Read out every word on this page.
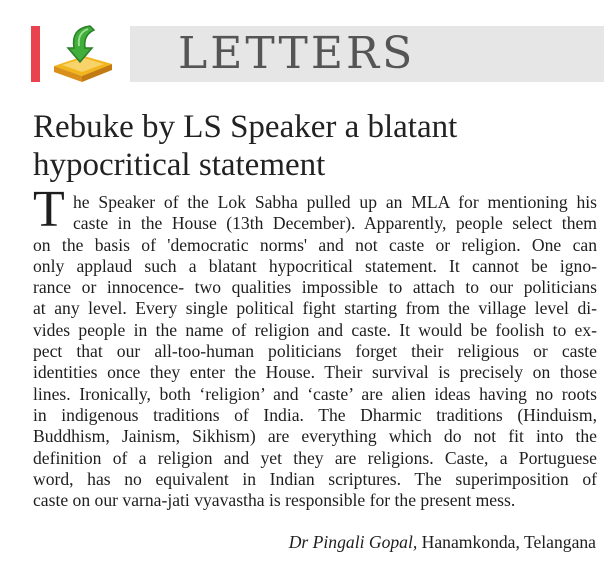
LETTERS
Rebuke by LS Speaker a blatant
hypocritical statement
T he Speaker of the Lok Sabha pulled up an MLA for mentioning his
caste in the House (13th December). Apparently, people select them
on the basis of 'democratic norms' and not caste or religion. One can
only applaud such a blatant hypocritical statement. It cannot be igno-
rance or innocence- two qualities impossible to attach to our politicians
at any level. Every single political fight starting from the village level di-
vides people in the name of religion and caste. It would be foolish to ex-
pect that our all-too-human politicians forget their religious or caste
identities once they enter the House. Their survival is precisely on those
lines. Ironically, both ‘religion’ and ‘caste’ are alien ideas having no roots
in indigenous traditions of India. The Dharmic traditions (Hinduism,
Buddhism, Jainism, Sikhism) are everything which do not fit into the
definition of a religion and yet they are religions. Caste, a Portuguese
word, has no equivalent in Indian scriptures. The superimposition of
caste on our varna-jati vyavastha is responsible for the present mess.
Dr Pingali Gopal, Hanamkonda, Telangana
